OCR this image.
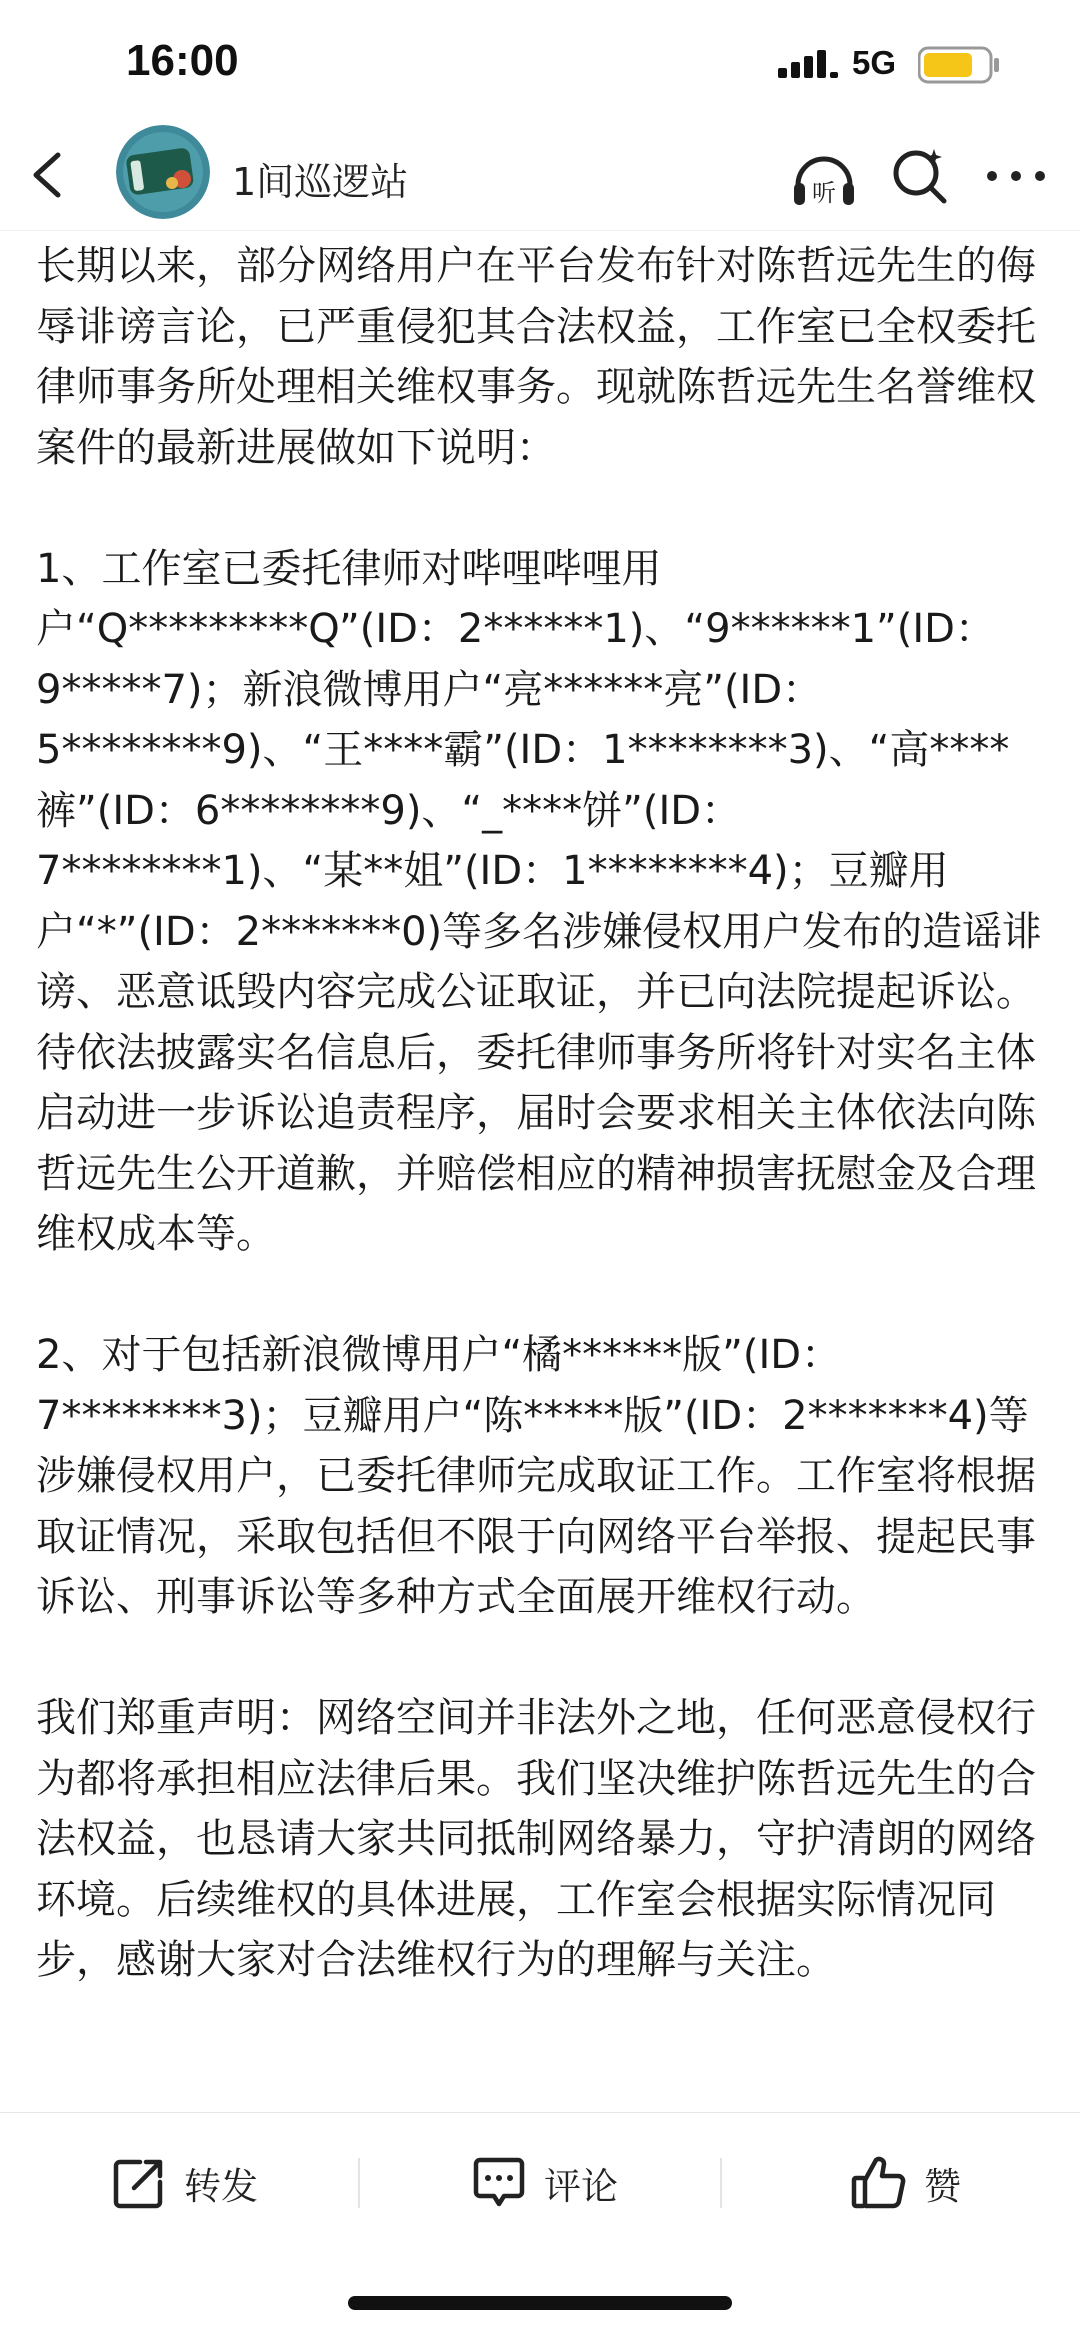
16:00	5G
1间巡逻站	听

长期以来，部分网络用户在平台发布针对陈哲远先生的侮辱诽谤言论，已严重侵犯其合法权益，工作室已全权委托律师事务所处理相关维权事务。现就陈哲远先生名誉维权案件的最新进展做如下说明：

1、工作室已委托律师对哔哩哔哩用户“Q*********Q”(ID：2******1)、“9******1”(ID：9*****7)；新浪微博用户“亮******亮”(ID：5********9)、“王****霸”(ID：1********3)、“高****裤”(ID：6********9)、“_****饼”(ID：7********1)、“某**姐”(ID：1********4)；豆瓣用户“*”(ID：2*******0)等多名涉嫌侵权用户发布的造谣诽谤、恶意诋毁内容完成公证取证，并已向法院提起诉讼。待依法披露实名信息后，委托律师事务所将针对实名主体启动进一步诉讼追责程序，届时会要求相关主体依法向陈哲远先生公开道歉，并赔偿相应的精神损害抚慰金及合理维权成本等。

2、对于包括新浪微博用户“橘******版”(ID：7********3)；豆瓣用户“陈*****版”(ID：2*******4)等涉嫌侵权用户，已委托律师完成取证工作。工作室将根据取证情况，采取包括但不限于向网络平台举报、提起民事诉讼、刑事诉讼等多种方式全面展开维权行动。

我们郑重声明：网络空间并非法外之地，任何恶意侵权行为都将承担相应法律后果。我们坚决维护陈哲远先生的合法权益，也恳请大家共同抵制网络暴力，守护清朗的网络环境。后续维权的具体进展，工作室会根据实际情况同步，感谢大家对合法维权行为的理解与关注。

转发	评论	赞
